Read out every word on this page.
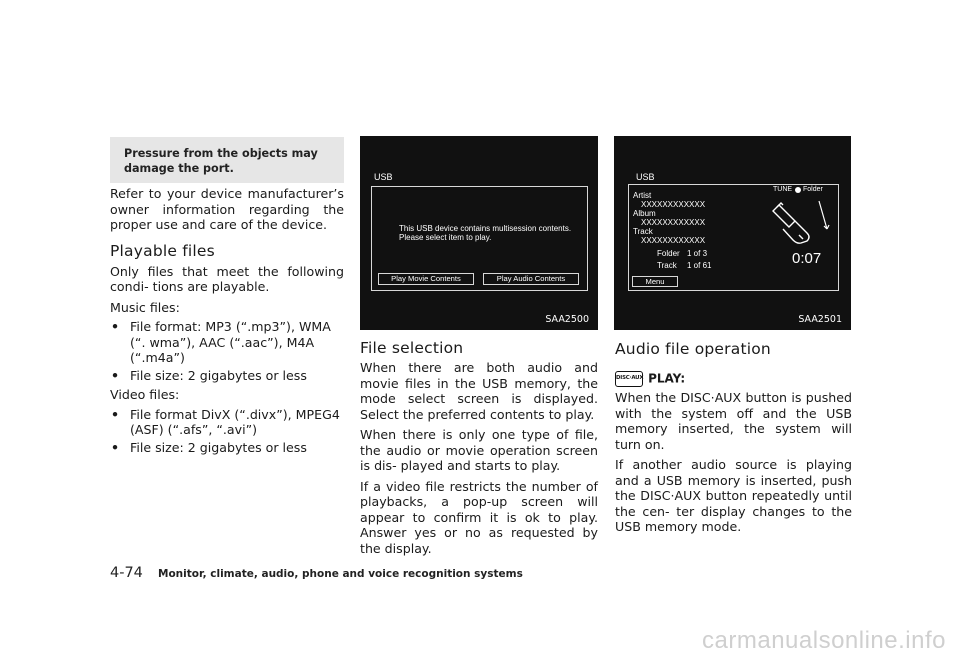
Pressure from the objects may damage the port.

Refer to your device manufacturer’s owner information regarding the proper use and care of the device.

Playable files

Only files that meet the following condi- tions are playable.

Music files:

• File format: MP3 (“.mp3”), WMA (“. wma”), AAC (“.aac”), M4A (“.m4a”)

• File size: 2 gigabytes or less

Video files:

• File format DivX (“.divx”), MPEG4 (ASF) (“.afs”, “.avi”)

• File size: 2 gigabytes or less

USB
This USB device contains multisession contents.
Please select item to play.
Play Movie Contents	Play Audio Contents
SAA2500
File selection

When there are both audio and movie files in the USB memory, the mode select screen is displayed. Select the preferred contents to play.

When there is only one type of file, the audio or movie operation screen is dis- played and starts to play.

If a video file restricts the number of playbacks, a pop-up screen will appear to confirm it is ok to play. Answer yes or no as requested by the display.

USB
Artist
XXXXXXXXXXXX
Album
XXXXXXXXXXXX
Track
XXXXXXXXXXXX
TUNE Folder
Folder 1 of 3
Track 1 of 61	0:07
Menu
SAA2501
Audio file operation
DISC·AUX PLAY:

When the DISC·AUX button is pushed with the system off and the USB memory inserted, the system will turn on.

If another audio source is playing and a USB memory is inserted, push the DISC·AUX button repeatedly until the cen- ter display changes to the USB memory mode.

4-74 Monitor, climate, audio, phone and voice recognition systems
carmanualsonline.info
